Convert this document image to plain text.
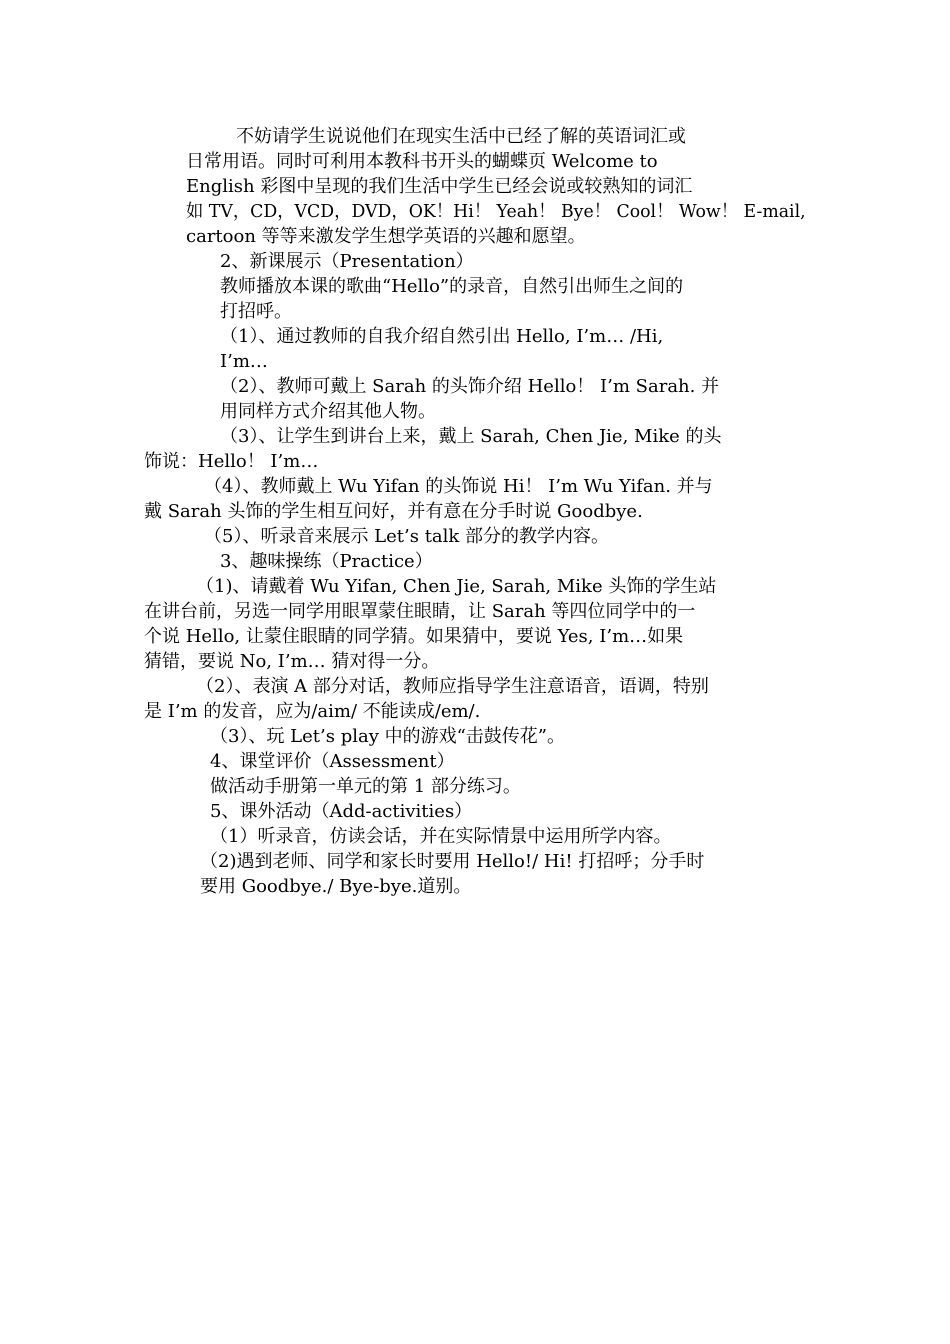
不妨请学生说说他们在现实生活中已经了解的英语词汇或
日常用语。同时可利用本教科书开头的蝴蝶页 Welcome to
English 彩图中呈现的我们生活中学生已经会说或较熟知的词汇
如 TV，CD，VCD，DVD，OK！Hi！ Yeah！ Bye！ Cool！ Wow！ E-mail,
cartoon 等等来激发学生想学英语的兴趣和愿望。
2、新课展示（Presentation）
教师播放本课的歌曲“Hello”的录音，自然引出师生之间的
打招呼。
（1）、通过教师的自我介绍自然引出 Hello, I’m… /Hi,
I’m…
（2）、教师可戴上 Sarah 的头饰介绍 Hello！ I’m Sarah. 并
用同样方式介绍其他人物。
（3）、让学生到讲台上来，戴上 Sarah, Chen Jie, Mike 的头
饰说：Hello！ I’m…
（4）、教师戴上 Wu Yifan 的头饰说 Hi！ I’m Wu Yifan. 并与
戴 Sarah 头饰的学生相互问好，并有意在分手时说 Goodbye.
（5）、听录音来展示 Let’s talk 部分的教学内容。
3、趣味操练（Practice）
（1)、请戴着 Wu Yifan, Chen Jie, Sarah, Mike 头饰的学生站
在讲台前，另选一同学用眼罩蒙住眼睛，让 Sarah 等四位同学中的一
个说 Hello, 让蒙住眼睛的同学猜。如果猜中，要说 Yes, I’m…如果
猜错，要说 No, I’m… 猜对得一分。
（2）、表演 A 部分对话，教师应指导学生注意语音，语调，特别
是 I’m 的发音，应为/aim/ 不能读成/em/.
（3）、玩 Let’s play 中的游戏“击鼓传花”。
4、课堂评价（Assessment）
做活动手册第一单元的第 1 部分练习。
5、课外活动（Add-activities）
（1）听录音，仿读会话，并在实际情景中运用所学内容。
（2)遇到老师、同学和家长时要用 Hello!/ Hi! 打招呼；分手时
要用 Goodbye./ Bye-bye.道别。
